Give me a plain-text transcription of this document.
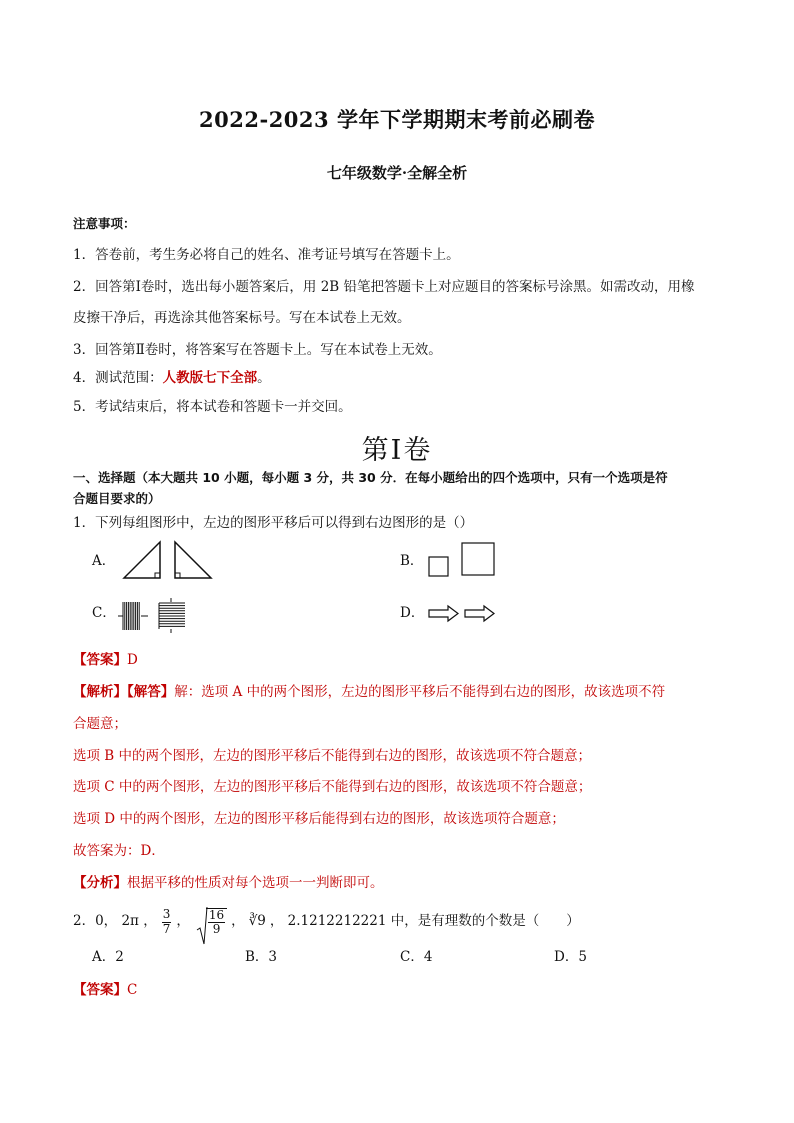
2022-2023 学年下学期期末考前必刷卷
七年级数学·全解全析
注意事项：
1．答卷前，考生务必将自己的姓名、准考证号填写在答题卡上。
2．回答第Ⅰ卷时，选出每小题答案后，用 2B 铅笔把答题卡上对应题目的答案标号涂黑。如需改动，用橡
皮擦干净后，再选涂其他答案标号。写在本试卷上无效。
3．回答第Ⅱ卷时，将答案写在答题卡上。写在本试卷上无效。
4．测试范围：人教版七下全部。
5．考试结束后，将本试卷和答题卡一并交回。
第Ⅰ卷
一、选择题（本大题共 10 小题，每小题 3 分，共 30 分．在每小题给出的四个选项中，只有一个选项是符
合题目要求的）
1．下列每组图形中，左边的图形平移后可以得到右边图形的是（）
A．	B．
C．	D．
【答案】D
【解析】【解答】解：选项 A 中的两个图形，左边的图形平移后不能得到右边的图形，故该选项不符
合题意；
选项 B 中的两个图形，左边的图形平移后不能得到右边的图形，故该选项不符合题意；
选项 C 中的两个图形，左边的图形平移后不能得到右边的图形，故该选项不符合题意；
选项 D 中的两个图形，左边的图形平移后能得到右边的图形，故该选项符合题意；
故答案为：D．
【分析】根据平移的性质对每个选项一一判断即可。
2．0， 2π ， $\frac{3}{7}$ ， $\frac{16}{9}$ ， ∛9 ， 2.1212212221 中，是有理数的个数是（　　）
A．2	B．3	C．4	D．5
【答案】C
